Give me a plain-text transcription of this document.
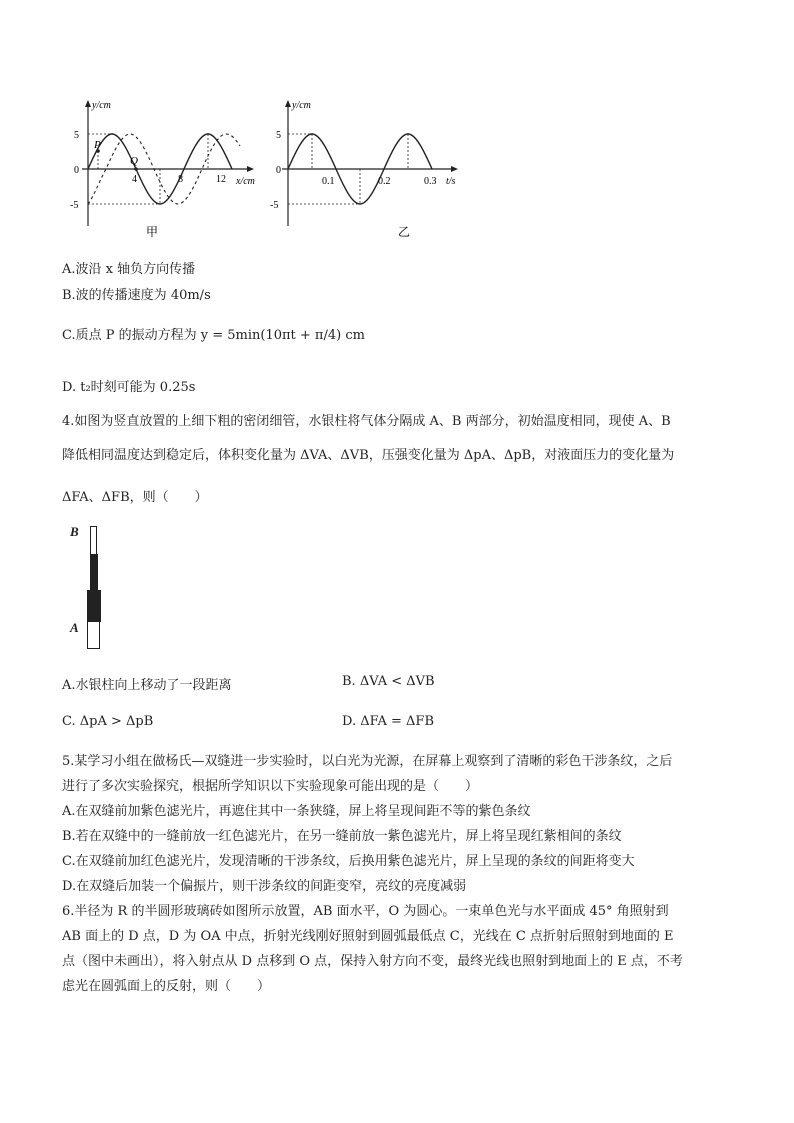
y/cm
x/cm
5
0
-5
4	8	12
P
Q
甲
y/cm
t/s
5
0
-5
0.1	0.2	0.3
乙
A.波沿 x 轴负方向传播
B.波的传播速度为 40m/s
C.质点 P 的振动方程为 y = 5min(10πt + π/4) cm
D. t₂时刻可能为 0.25s
4.如图为竖直放置的上细下粗的密闭细管，水银柱将气体分隔成 A、B 两部分，初始温度相同，现使 A、B
降低相同温度达到稳定后，体积变化量为 ΔVA、ΔVB，压强变化量为 ΔpA、ΔpB，对液面压力的变化量为
ΔFA、ΔFB，则（　　）
B
A
A.水银柱向上移动了一段距离	B. ΔVA < ΔVB
C. ΔpA > ΔpB	D. ΔFA = ΔFB
5.某学习小组在做杨氏—双缝进一步实验时，以白光为光源，在屏幕上观察到了清晰的彩色干涉条纹，之后
进行了多次实验探究，根据所学知识以下实验现象可能出现的是（　　）
A.在双缝前加紫色滤光片，再遮住其中一条狭缝，屏上将呈现间距不等的紫色条纹
B.若在双缝中的一缝前放一红色滤光片，在另一缝前放一紫色滤光片，屏上将呈现红紫相间的条纹
C.在双缝前加红色滤光片，发现清晰的干涉条纹，后换用紫色滤光片，屏上呈现的条纹的间距将变大
D.在双缝后加装一个偏振片，则干涉条纹的间距变窄，亮纹的亮度减弱
6.半径为 R 的半圆形玻璃砖如图所示放置，AB 面水平，O 为圆心。一束单色光与水平面成 45° 角照射到
AB 面上的 D 点，D 为 OA 中点，折射光线刚好照射到圆弧最低点 C，光线在 C 点折射后照射到地面的 E
点（图中未画出），将入射点从 D 点移到 O 点，保持入射方向不变，最终光线也照射到地面上的 E 点，不考
虑光在圆弧面上的反射，则（　　）
